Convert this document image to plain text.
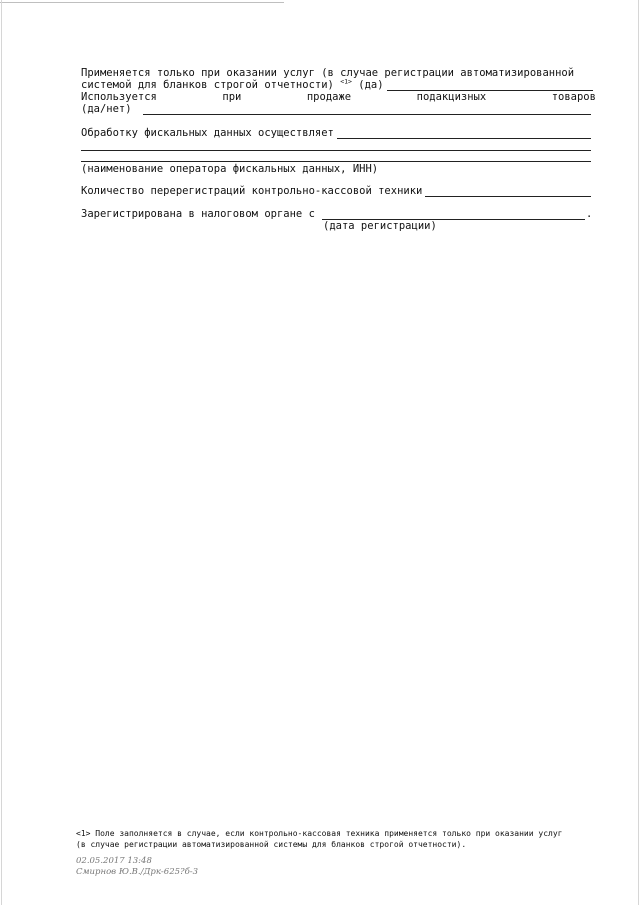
Применяется только при оказании услуг (в случае регистрации автоматизированной
системой для бланков строгой отчетности) $^{<1>}$ (да)
Используется	при	продаже	подакцизных	товаров
(да/нет)
Обработку фискальных данных осуществляет
(наименование оператора фискальных данных, ИНН)
Количество перерегистраций контрольно-кассовой техники
Зарегистрирована в налоговом органе с	.
(дата регистрации)
<1> Поле заполняется в случае, если контрольно-кассовая техника применяется только при оказании услуг
(в случае регистрации автоматизированной системы для бланков строгой отчетности).
02.05.2017 13:48
Смирнов Ю.В./Дрк-625?б-3
